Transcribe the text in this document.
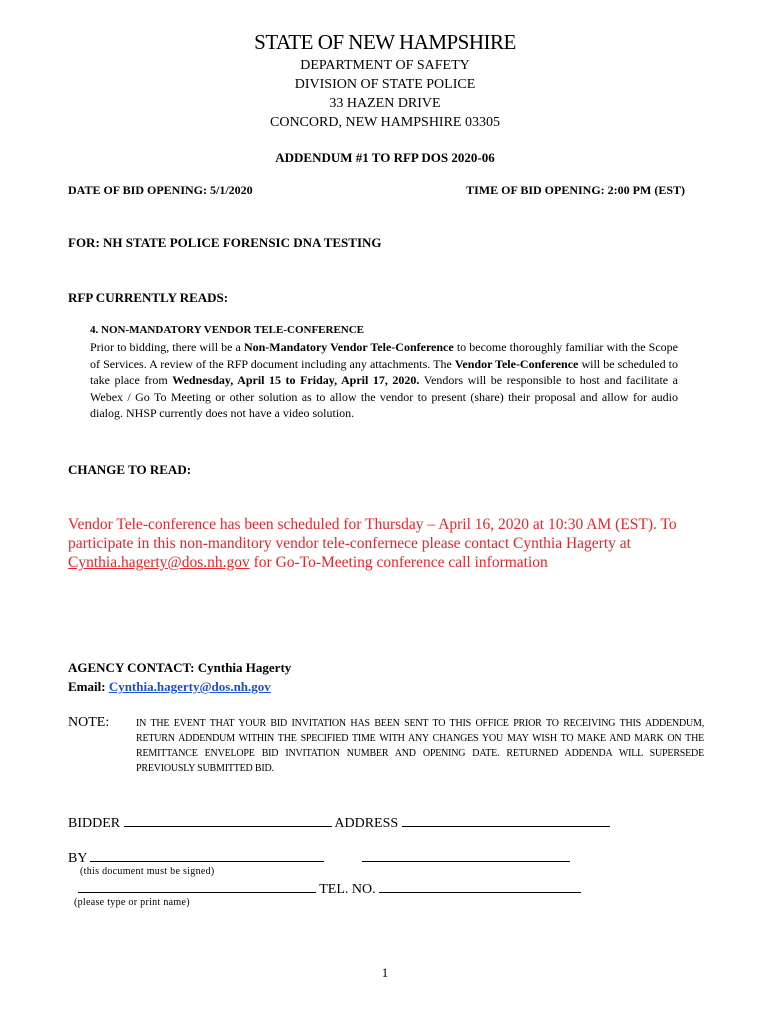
STATE OF NEW HAMPSHIRE
DEPARTMENT OF SAFETY
DIVISION OF STATE POLICE
33 HAZEN DRIVE
CONCORD, NEW HAMPSHIRE 03305
ADDENDUM #1 TO RFP DOS 2020-06
DATE OF BID OPENING: 5/1/2020	TIME OF BID OPENING: 2:00 PM (EST)
FOR: NH STATE POLICE FORENSIC DNA TESTING
RFP CURRENTLY READS:
4. NON-MANDATORY VENDOR TELE-CONFERENCE
Prior to bidding, there will be a Non-Mandatory Vendor Tele-Conference to become thoroughly familiar with the Scope of Services. A review of the RFP document including any attachments. The Vendor Tele-Conference will be scheduled to take place from Wednesday, April 15 to Friday, April 17, 2020. Vendors will be responsible to host and facilitate a Webex / Go To Meeting or other solution as to allow the vendor to present (share) their proposal and allow for audio dialog. NHSP currently does not have a video solution.
CHANGE TO READ:
Vendor Tele-conference has been scheduled for Thursday – April 16, 2020 at 10:30 AM (EST). To participate in this non-manditory vendor tele-confernece please contact Cynthia Hagerty at Cynthia.hagerty@dos.nh.gov for Go-To-Meeting conference call information
AGENCY CONTACT: Cynthia Hagerty
Email: Cynthia.hagerty@dos.nh.gov
NOTE:	IN THE EVENT THAT YOUR BID INVITATION HAS BEEN SENT TO THIS OFFICE PRIOR TO RECEIVING THIS ADDENDUM, RETURN ADDENDUM WITHIN THE SPECIFIED TIME WITH ANY CHANGES YOU MAY WISH TO MAKE AND MARK ON THE REMITTANCE ENVELOPE BID INVITATION NUMBER AND OPENING DATE. RETURNED ADDENDA WILL SUPERSEDE PREVIOUSLY SUBMITTED BID.
BIDDER	ADDRESS
BY
(this document must be signed)
TEL. NO.
(please type or print name)
1
